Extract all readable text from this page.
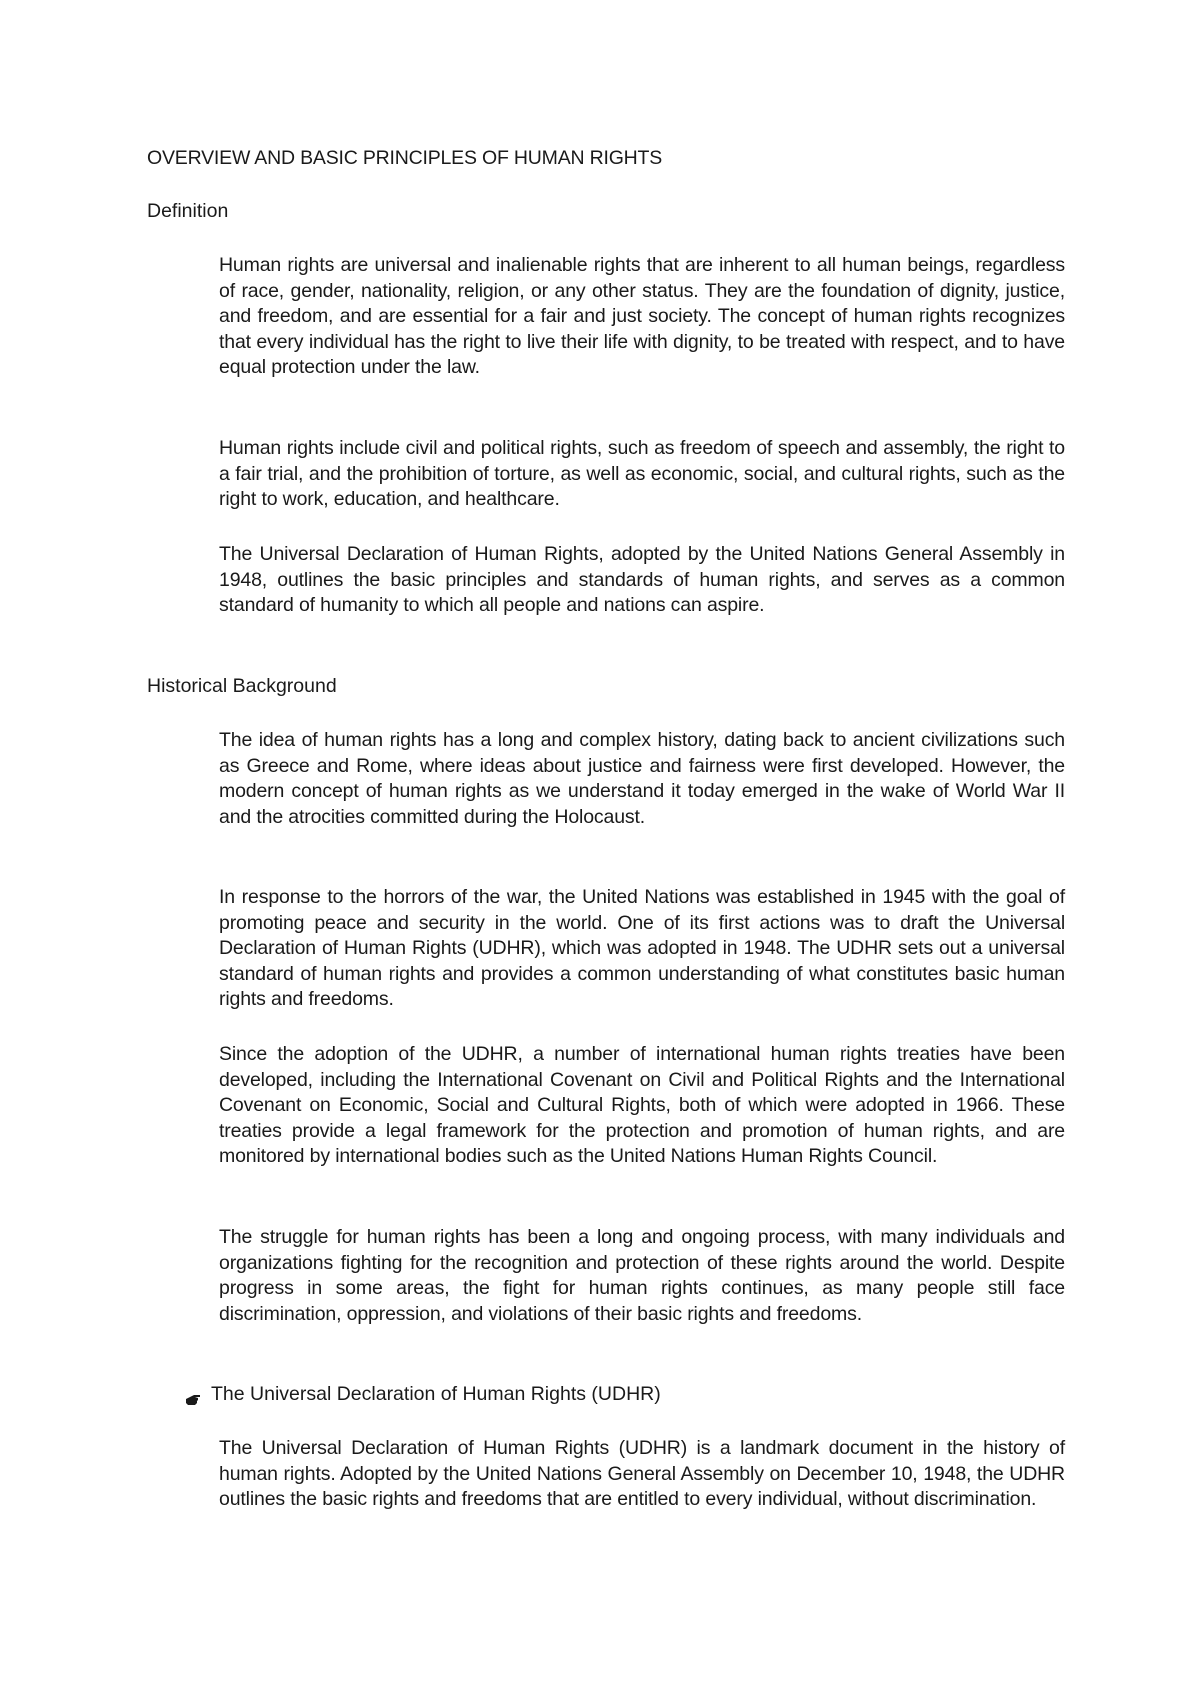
OVERVIEW AND BASIC PRINCIPLES OF HUMAN RIGHTS
Definition

Human rights are universal and inalienable rights that are inherent to all human beings, regardless of race, gender, nationality, religion, or any other status. They are the foundation of dignity, justice, and freedom, and are essential for a fair and just society. The concept of human rights recognizes that every individual has the right to live their life with dignity, to be treated with respect, and to have equal protection under the law.

Human rights include civil and political rights, such as freedom of speech and assembly, the right to a fair trial, and the prohibition of torture, as well as economic, social, and cultural rights, such as the right to work, education, and healthcare.

The Universal Declaration of Human Rights, adopted by the United Nations General Assembly in 1948, outlines the basic principles and standards of human rights, and serves as a common standard of humanity to which all people and nations can aspire.

Historical Background

The idea of human rights has a long and complex history, dating back to ancient civilizations such as Greece and Rome, where ideas about justice and fairness were first developed. However, the modern concept of human rights as we understand it today emerged in the wake of World War II and the atrocities committed during the Holocaust.

In response to the horrors of the war, the United Nations was established in 1945 with the goal of promoting peace and security in the world. One of its first actions was to draft the Universal Declaration of Human Rights (UDHR), which was adopted in 1948. The UDHR sets out a universal standard of human rights and provides a common understanding of what constitutes basic human rights and freedoms.

Since the adoption of the UDHR, a number of international human rights treaties have been developed, including the International Covenant on Civil and Political Rights and the International Covenant on Economic, Social and Cultural Rights, both of which were adopted in 1966. These treaties provide a legal framework for the protection and promotion of human rights, and are monitored by international bodies such as the United Nations Human Rights Council.

The struggle for human rights has been a long and ongoing process, with many individuals and organizations fighting for the recognition and protection of these rights around the world. Despite progress in some areas, the fight for human rights continues, as many people still face discrimination, oppression, and violations of their basic rights and freedoms.

The Universal Declaration of Human Rights (UDHR)

The Universal Declaration of Human Rights (UDHR) is a landmark document in the history of human rights. Adopted by the United Nations General Assembly on December 10, 1948, the UDHR outlines the basic rights and freedoms that are entitled to every individual, without discrimination.
